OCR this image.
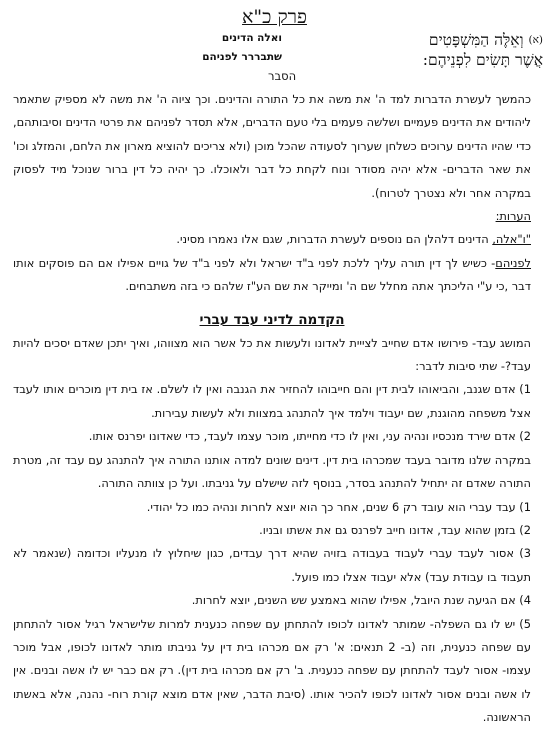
פרק כ"א
(א) וְאֵלֶּה הַמִּשְׁפָּטִים
אֲשֶׁר תָּשִׂים לִפְנֵיהֶם:
ואלה הדינים
שתבררר לפניהם
הסבר

כהמשך לעשרת הדברות למד ה' את משה את כל התורה והדינים. וכך ציוה ה' את משה לא מספיק שתאמר ליהודים את הדינים פעמיים ושלשה פעמים בלי טעם הדברים, אלא תסדר לפניהם את פרטי הדינים וסיבותהם, כדי שהיו הדינים ערוכים כשלחן שערוך לסעודה שהכל מוכן (ולא צריכים להוציא מארון את הלחם, והמזלג וכו' את שאר הדברים- אלא יהיה מסודר ונוח לקחת כל דבר ולאוכלו. כך יהיה כל דין ברור שנוכל מיד לפסוק במקרה אחר ולא נצטרך לטרוח).

הערות:

"ו"אלה, הדינים דלהלן הם נוספים לעשרת הדברות, שגם אלו נאמרו מסיני.

לפניהם- כשיש לך דין תורה עליך ללכת לפני ב"ד ישראל ולא לפני ב"ד של גויים אפילו אם הם פוסקים אותו דבר ,כי ע"י הליכתך אתה מחלל שם ה' ומייקר את שם הע"ז שלהם כי בזה משתבחים.

הקדמה לדיני עבד עברי

המושג עבד- פירושו אדם שחייב לצייית לאדונו ולעשות את כל אשר הוא מצווהו, ואיך יתכן שאדם יסכים להיות עבד?- שתי סיבות לדבר:

1) אדם שגנב, והביאוהו לבית דין והם חייבוהו להחזיר את הגנבה ואין לו לשלם. אז בית דין מוכרים אותו לעבד אצל משפחה מהוגנת, שם יעבוד וילמד איך להתנהג במצוות ולא לעשות עבירות.

2) אדם שירד מנכסיו ונהיה עני, ואין לו כדי מחייתו, מוכר עצמו לעבד, כדי שאדונו יפרנס אותו.

במקרה שלנו מדובר בעבד שמכרהו בית דין. דינים שונים למדה אותנו התורה איך להתנהג עם עבד זה, מטרת התורה שאדם זה יתחיל להתנהג בסדר, בנוסף לזה שישלם על גניבתו. ועל כן צוותה התורה.

1) עבד עברי הוא עובד רק 6 שנים, אחר כך הוא יוצא לחרות ונהיה כמו כל יהודי.

2) בזמן שהוא עבד, אדונו חייב לפרנס גם את אשתו ובניו.

3) אסור לעבד עברי לעבוד בעבודה בזויה שהיא דרך עבדים, כגון שיחלוץ לו מנעליו וכדומה (שנאמר לא תעבוד בו עבודת עבד) אלא יעבוד אצלו כמו פועל.

4) אם הגיעה שנת היובל, אפילו שהוא באמצע שש השנים, יוצא לחרות.

5) יש לו גם השפלה- שמותר לאדונו לכופו להתחתן עם שפחה כנענית למרות שלישראל רגיל אסור להתחתן עם שפחה כנענית, וזה (ב- 2 תנאים: א' רק אם מכרהו בית דין על גניבתו מותר לאדונו לכופו, אבל מוכר עצמו- אסור לעבד להתחתן עם שפחה כנענית. ב' רק אם מכרהו בית דין). רק אם כבר יש לו אשה ובנים. אין לו אשה ובנים אסור לאדונו לכופו להכיר אותו. (סיבת הדבר, שאין אדם מוצא קורת רוח- נהנה, אלא באשתו הראשונה.
